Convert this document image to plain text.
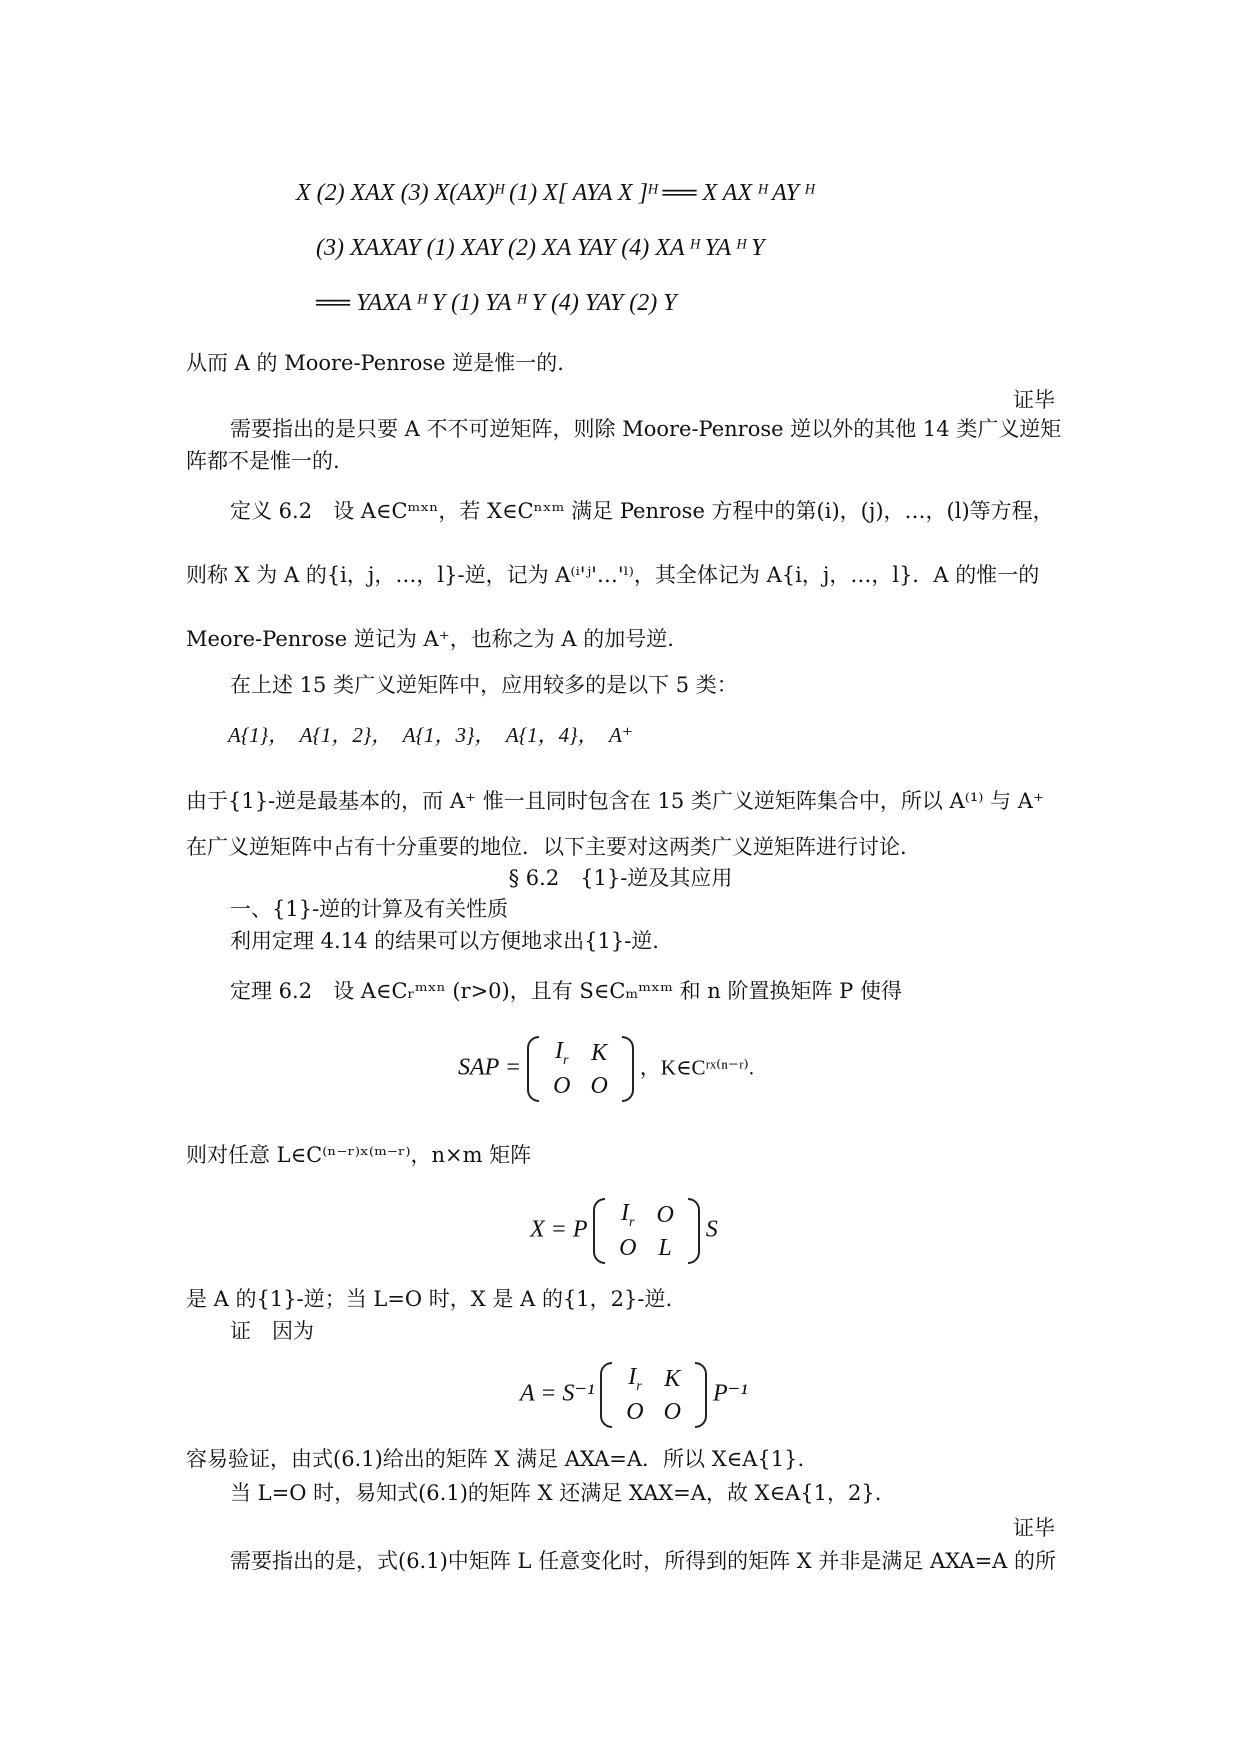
X (2) XAX (3) X(AX)ᴴ (1) X[ AYA X ]ᴴ ══ X AX ᴴ AY ᴴ
(3) XAXAY (1) XAY (2) XA YAY (4) XA ᴴ YA ᴴ Y
══ YAXA ᴴ Y (1) YA ᴴ Y (4) YAY (2) Y
从而 A 的 Moore-Penrose 逆是惟一的.
证毕
需要指出的是只要 A 不不可逆矩阵，则除 Moore-Penrose 逆以外的其他 14 类广义逆矩
阵都不是惟一的.
定义 6.2　设 A∈Cᵐˣⁿ，若 X∈Cⁿˣᵐ 满足 Penrose 方程中的第(i)，(j)，…，(l)等方程，
则称 X 为 A 的{i，j，…，l}-逆，记为 A⁽ⁱ'ʲ'…'ˡ⁾，其全体记为 A{i，j，…，l}．A 的惟一的
Meore-Penrose 逆记为 A⁺，也称之为 A 的加号逆.
在上述 15 类广义逆矩阵中，应用较多的是以下 5 类：
A{1}，　A{1，2}，　A{1，3}，　A{1，4}，　A⁺
由于{1}-逆是最基本的，而 A⁺ 惟一且同时包含在 15 类广义逆矩阵集合中，所以 A⁽¹⁾ 与 A⁺
在广义逆矩阵中占有十分重要的地位．以下主要对这两类广义逆矩阵进行讨论.
§ 6.2　{1}-逆及其应用
一、{1}-逆的计算及有关性质
利用定理 4.14 的结果可以方便地求出{1}-逆.
定理 6.2　设 A∈Cᵣᵐˣⁿ (r>0)，且有 S∈Cₘᵐˣᵐ 和 n 阶置换矩阵 P 使得
SAP =
$I_r$	K
O	O
，K∈Cʳˣ⁽ⁿ⁻ʳ⁾.
则对任意 L∈C⁽ⁿ⁻ʳ⁾ˣ⁽ᵐ⁻ʳ⁾，n×m 矩阵
X = P
$I_r$	O
O	L
S
是 A 的{1}-逆；当 L=O 时，X 是 A 的{1，2}-逆.
证　因为
A = S⁻¹
$I_r$	K
O	O
P⁻¹
容易验证，由式(6.1)给出的矩阵 X 满足 AXA=A．所以 X∈A{1}.
当 L=O 时，易知式(6.1)的矩阵 X 还满足 XAX=A，故 X∈A{1，2}.
证毕
需要指出的是，式(6.1)中矩阵 L 任意变化时，所得到的矩阵 X 并非是满足 AXA=A 的所
